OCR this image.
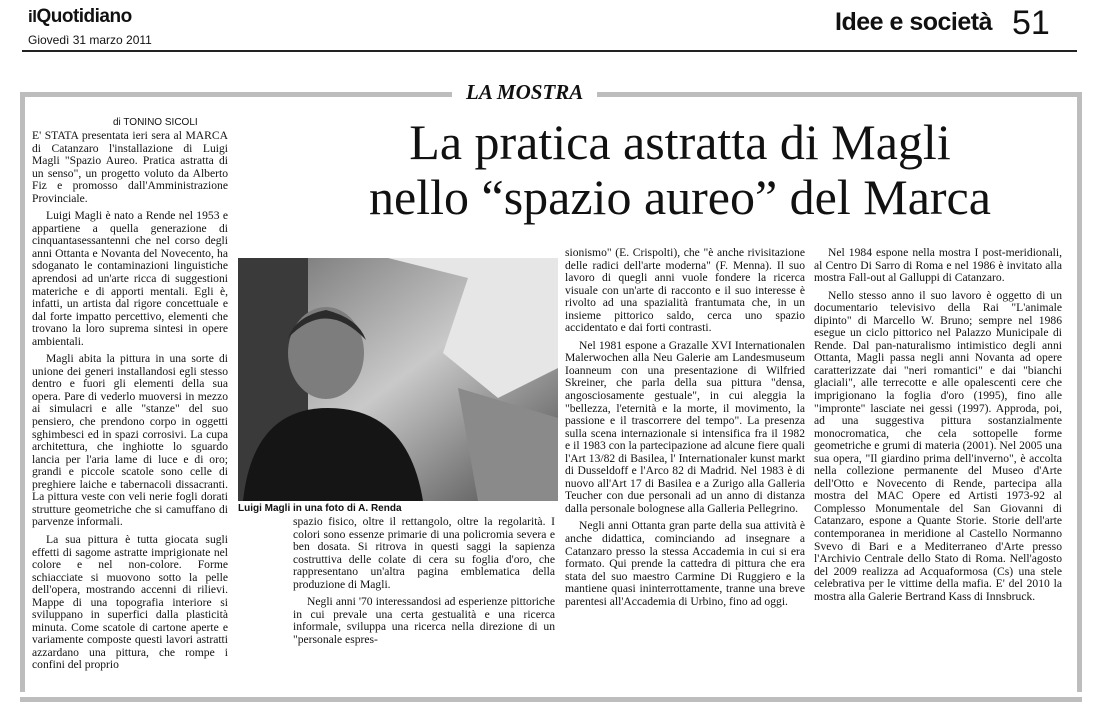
ilQuotidiano
Giovedì 31 marzo 2011
Idee e società 51
LA MOSTRA
di TONINO SICOLI	La pratica astratta di Magli
nello “spazio aureo” del Marca

E' STATA presentata ieri sera al MARCA di Catanzaro l'installazione di Luigi Magli "Spazio Aureo. Pratica astratta di un senso", un progetto voluto da Alberto Fiz e promosso dall'Amministrazione Provinciale.

Luigi Magli è nato a Rende nel 1953 e appartiene a quella generazione di cinquantasessantenni che nel corso degli anni Ottanta e Novanta del Novecento, ha sdoganato le contaminazioni linguistiche aprendosi ad un'arte ricca di suggestioni materiche e di apporti mentali. Egli è, infatti, un artista dal rigore concettuale e dal forte impatto percettivo, elementi che trovano la loro suprema sintesi in opere ambientali.

Magli abita la pittura in una sorte di unione dei generi installandosi egli stesso dentro e fuori gli elementi della sua opera. Pare di vederlo muoversi in mezzo ai simulacri e alle "stanze" del suo pensiero, che prendono corpo in oggetti sghimbesci ed in spazi corrosivi. La cupa architettura, che inghiotte lo sguardo lancia per l'aria lame di luce e di oro; grandi e piccole scatole sono celle di preghiere laiche e tabernacoli dissacranti. La pittura veste con veli nerie fogli dorati strutture geometriche che si camuffano di parvenze informali.

La sua pittura è tutta giocata sugli effetti di sagome astratte imprigionate nel colore e nel non-colore. Forme schiacciate si muovono sotto la pelle dell'opera, mostrando accenni di rilievi. Mappe di una topografia interiore si sviluppano in superfici dalla plasticità minuta. Come scatole di cartone aperte e variamente composte questi lavori astratti azzardano una pittura, che rompe i confini del proprio

Luigi Magli in una foto di A. Renda

spazio fisico, oltre il rettangolo, oltre la regolarità. I colori sono essenze primarie di una policromia severa e ben dosata. Si ritrova in questi saggi la sapienza costruttiva delle colate di cera su foglia d'oro, che rappresentano un'altra pagina emblematica della produzione di Magli.

Negli anni '70 interessandosi ad esperienze pittoriche in cui prevale una certa gestualità e una ricerca informale, sviluppa una ricerca nella direzione di un "personale espres-

sionismo" (E. Crispolti), che "è anche rivisitazione delle radici dell'arte moderna" (F. Menna). Il suo lavoro di quegli anni vuole fondere la ricerca visuale con un'arte di racconto e il suo interesse è rivolto ad una spazialità frantumata che, in un insieme pittorico saldo, cerca uno spazio accidentato e dai forti contrasti.

Nel 1981 espone a Grazalle XVI Internationalen Malerwochen alla Neu Galerie am Landesmuseum Ioanneum con una presentazione di Wilfried Skreiner, che parla della sua pittura "densa, angosciosamente gestuale", in cui aleggia la "bellezza, l'eternità e la morte, il movimento, la passione e il trascorrere del tempo". La presenza sulla scena internazionale si intensifica fra il 1982 e il 1983 con la partecipazione ad alcune fiere quali l'Art 13/82 di Basilea, l' Internationaler kunst markt di Dusseldoff e l'Arco 82 di Madrid. Nel 1983 è di nuovo all'Art 17 di Basilea e a Zurigo alla Galleria Teucher con due personali ad un anno di distanza dalla personale bolognese alla Galleria Pellegrino.

Negli anni Ottanta gran parte della sua attività è anche didattica, cominciando ad insegnare a Catanzaro presso la stessa Accademia in cui si era formato. Qui prende la cattedra di pittura che era stata del suo maestro Carmine Di Ruggiero e la mantiene quasi ininterrottamente, tranne una breve parentesi all'Accademia di Urbino, fino ad oggi.

Nel 1984 espone nella mostra I post-meridionali, al Centro Di Sarro di Roma e nel 1986 è invitato alla mostra Fall-out al Galluppi di Catanzaro.

Nello stesso anno il suo lavoro è oggetto di un documentario televisivo della Rai "L'animale dipinto" di Marcello W. Bruno; sempre nel 1986 esegue un ciclo pittorico nel Palazzo Municipale di Rende. Dal pan-naturalismo intimistico degli anni Ottanta, Magli passa negli anni Novanta ad opere caratterizzate dai "neri romantici" e dai "bianchi glaciali", alle terrecotte e alle opalescenti cere che imprigionano la foglia d'oro (1995), fino alle "impronte" lasciate nei gessi (1997). Approda, poi, ad una suggestiva pittura sostanzialmente monocromatica, che cela sottopelle forme geometriche e grumi di materia (2001). Nel 2005 una sua opera, "Il giardino prima dell'inverno", è accolta nella collezione permanente del Museo d'Arte dell'Otto e Novecento di Rende, partecipa alla mostra del MAC Opere ed Artisti 1973-92 al Complesso Monumentale del San Giovanni di Catanzaro, espone a Quante Storie. Storie dell'arte contemporanea in meridione al Castello Normanno Svevo di Bari e a Mediterraneo d'Arte presso l'Archivio Centrale dello Stato di Roma. Nell'agosto del 2009 realizza ad Acquaformosa (Cs) una stele celebrativa per le vittime della mafia. E' del 2010 la mostra alla Galerie Bertrand Kass di Innsbruck.
